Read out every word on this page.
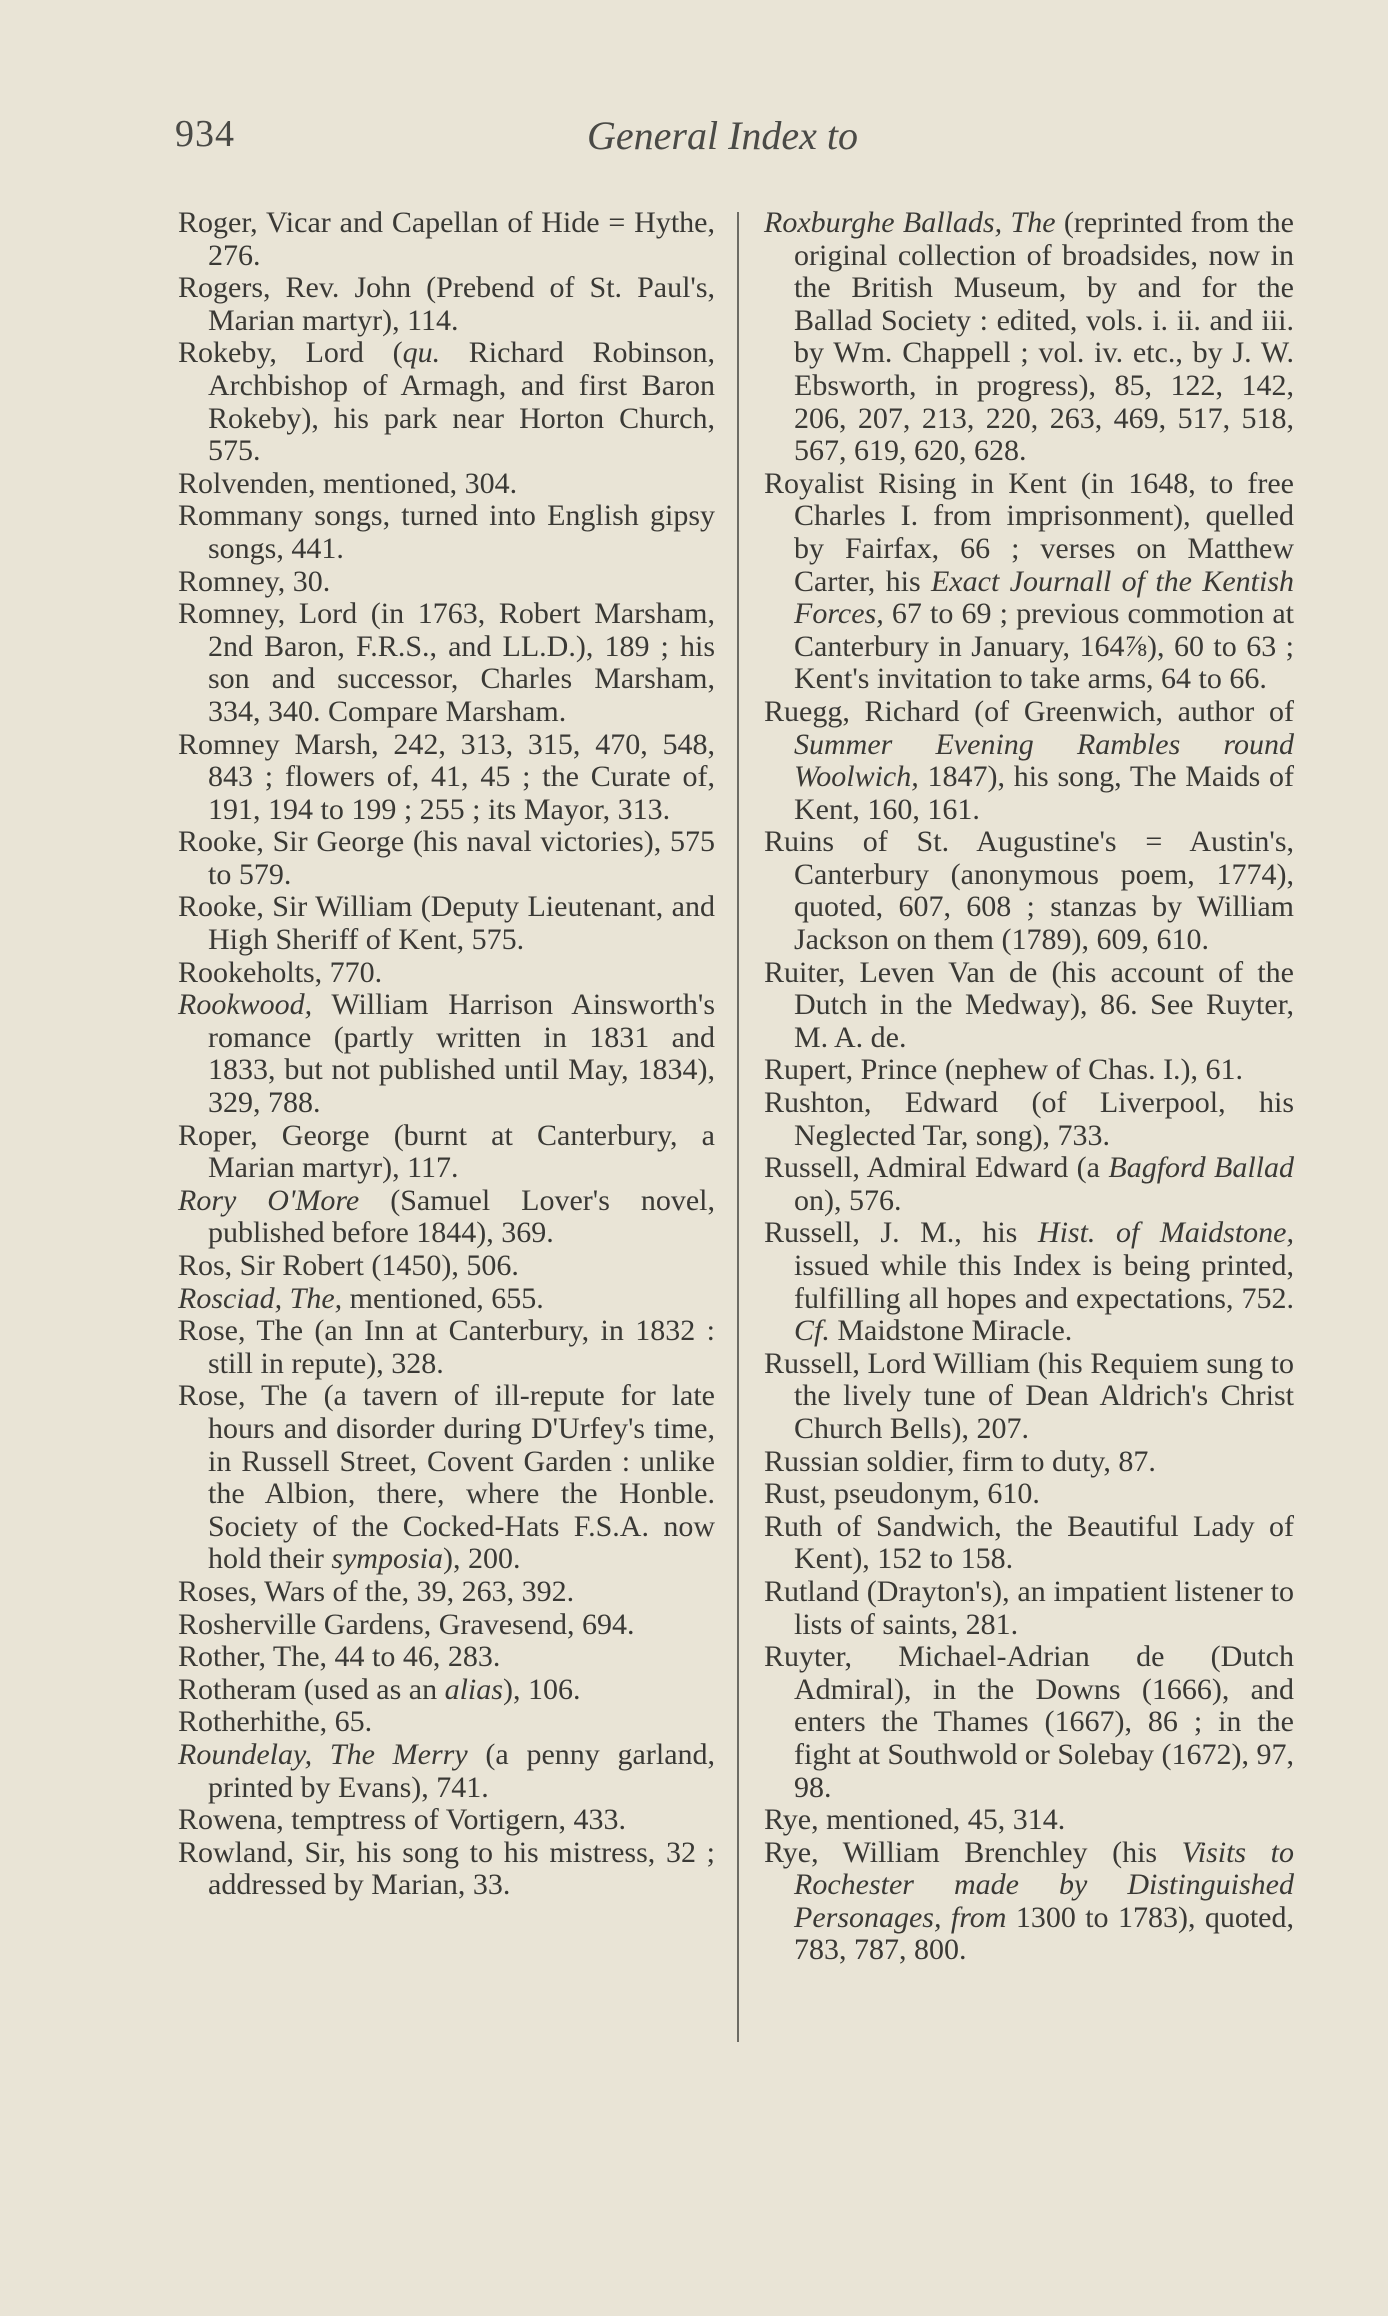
934	General Index to

Roger, Vicar and Capellan of Hide = Hythe, 276.

Rogers, Rev. John (Prebend of St. Paul's, Marian martyr), 114.

Rokeby, Lord (qu. Richard Robinson, Archbishop of Armagh, and first Baron Rokeby), his park near Horton Church, 575.

Rolvenden, mentioned, 304.

Rommany songs, turned into English gipsy songs, 441.

Romney, 30.

Romney, Lord (in 1763, Robert Marsham, 2nd Baron, F.R.S., and LL.D.), 189 ; his son and successor, Charles Marsham, 334, 340. Compare Marsham.

Romney Marsh, 242, 313, 315, 470, 548, 843 ; flowers of, 41, 45 ; the Curate of, 191, 194 to 199 ; 255 ; its Mayor, 313.

Rooke, Sir George (his naval victories), 575 to 579.

Rooke, Sir William (Deputy Lieutenant, and High Sheriff of Kent, 575.

Rookeholts, 770.

Rookwood, William Harrison Ainsworth's romance (partly written in 1831 and 1833, but not published until May, 1834), 329, 788.

Roper, George (burnt at Canterbury, a Marian martyr), 117.

Rory O'More (Samuel Lover's novel, published before 1844), 369.

Ros, Sir Robert (1450), 506.

Rosciad, The, mentioned, 655.

Rose, The (an Inn at Canterbury, in 1832 : still in repute), 328.

Rose, The (a tavern of ill-repute for late hours and disorder during D'Urfey's time, in Russell Street, Covent Garden : unlike the Albion, there, where the Honble. Society of the Cocked-Hats F.S.A. now hold their symposia), 200.

Roses, Wars of the, 39, 263, 392.

Rosherville Gardens, Gravesend, 694.

Rother, The, 44 to 46, 283.

Rotheram (used as an alias), 106.

Rotherhithe, 65.

Roundelay, The Merry (a penny garland, printed by Evans), 741.

Rowena, temptress of Vortigern, 433.

Rowland, Sir, his song to his mistress, 32 ; addressed by Marian, 33.

Roxburghe Ballads, The (reprinted from the original collection of broadsides, now in the British Museum, by and for the Ballad Society : edited, vols. i. ii. and iii. by Wm. Chappell ; vol. iv. etc., by J. W. Ebsworth, in progress), 85, 122, 142, 206, 207, 213, 220, 263, 469, 517, 518, 567, 619, 620, 628.

Royalist Rising in Kent (in 1648, to free Charles I. from imprisonment), quelled by Fairfax, 66 ; verses on Matthew Carter, his Exact Journall of the Kentish Forces, 67 to 69 ; previous commotion at Canterbury in January, 164⅞), 60 to 63 ; Kent's invitation to take arms, 64 to 66.

Ruegg, Richard (of Greenwich, author of Summer Evening Rambles round Woolwich, 1847), his song, The Maids of Kent, 160, 161.

Ruins of St. Augustine's = Austin's, Canterbury (anonymous poem, 1774), quoted, 607, 608 ; stanzas by William Jackson on them (1789), 609, 610.

Ruiter, Leven Van de (his account of the Dutch in the Medway), 86. See Ruyter, M. A. de.

Rupert, Prince (nephew of Chas. I.), 61.

Rushton, Edward (of Liverpool, his Neglected Tar, song), 733.

Russell, Admiral Edward (a Bagford Ballad on), 576.

Russell, J. M., his Hist. of Maidstone, issued while this Index is being printed, fulfilling all hopes and expectations, 752. Cf. Maidstone Miracle.

Russell, Lord William (his Requiem sung to the lively tune of Dean Aldrich's Christ Church Bells), 207.

Russian soldier, firm to duty, 87.

Rust, pseudonym, 610.

Ruth of Sandwich, the Beautiful Lady of Kent), 152 to 158.

Rutland (Drayton's), an impatient listener to lists of saints, 281.

Ruyter, Michael-Adrian de (Dutch Admiral), in the Downs (1666), and enters the Thames (1667), 86 ; in the fight at Southwold or Solebay (1672), 97, 98.

Rye, mentioned, 45, 314.

Rye, William Brenchley (his Visits to Rochester made by Distinguished Personages, from 1300 to 1783), quoted, 783, 787, 800.
